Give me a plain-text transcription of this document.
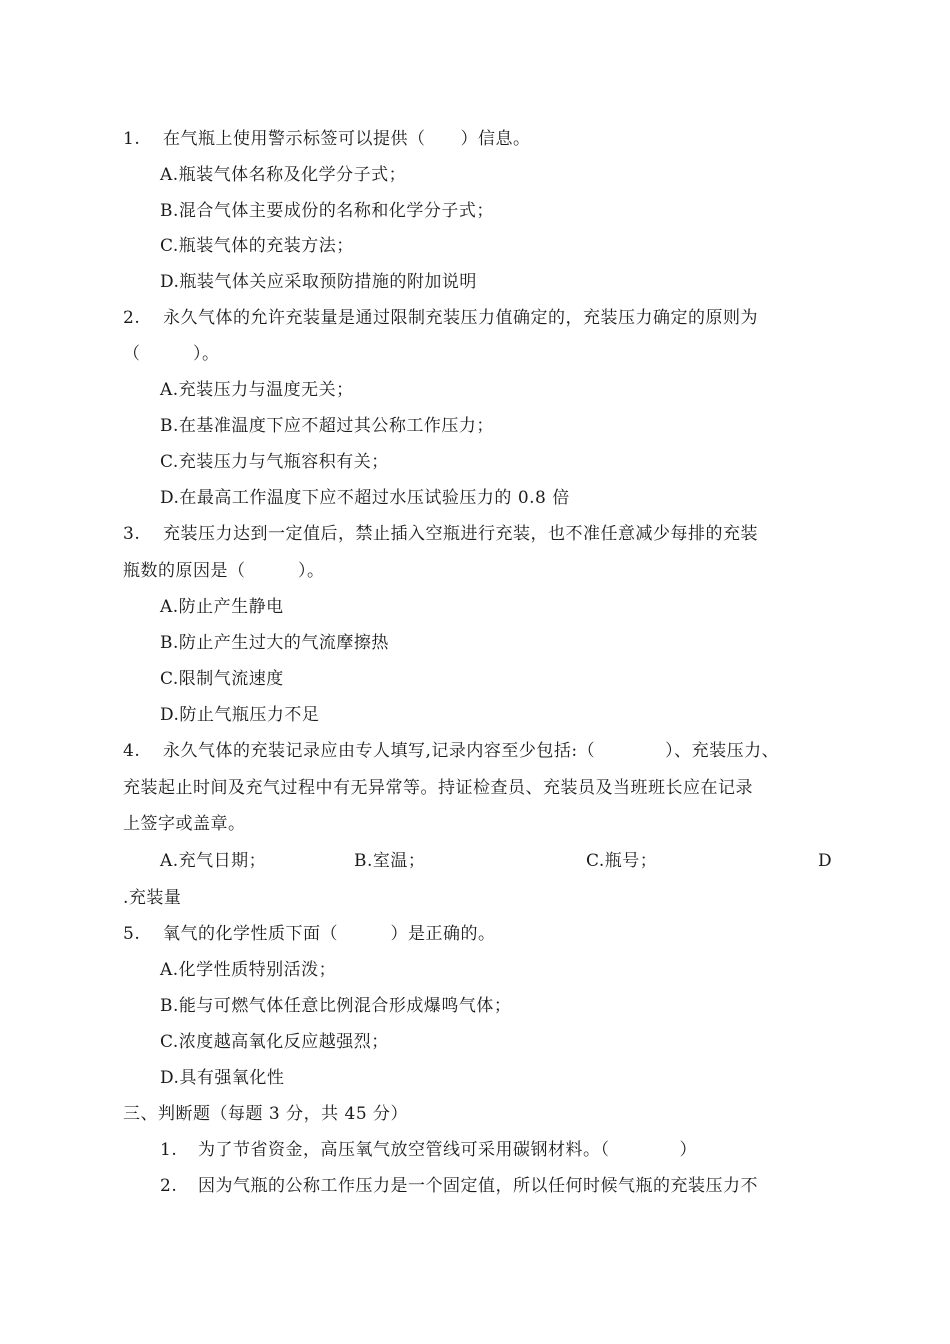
1. 在气瓶上使用警示标签可以提供（　　）信息。
A.瓶装气体名称及化学分子式；
B.混合气体主要成份的名称和化学分子式；
C.瓶装气体的充装方法；
D.瓶装气体关应采取预防措施的附加说明
2. 永久气体的允许充装量是通过限制充装压力值确定的，充装压力确定的原则为
（　　　）。
A.充装压力与温度无关；
B.在基准温度下应不超过其公称工作压力；
C.充装压力与气瓶容积有关；
D.在最高工作温度下应不超过水压试验压力的 0.8 倍
3. 充装压力达到一定值后，禁止插入空瓶进行充装，也不准任意减少每排的充装
瓶数的原因是（　　　）。
A.防止产生静电
B.防止产生过大的气流摩擦热
C.限制气流速度
D.防止气瓶压力不足
4. 永久气体的充装记录应由专人填写,记录内容至少包括:（　　　　）、充装压力、
充装起止时间及充气过程中有无异常等。持证检查员、充装员及当班班长应在记录
上签字或盖章。
A.充气日期；	B.室温；	C.瓶号；	D
.充装量
5. 氧气的化学性质下面（　　　）是正确的。
A.化学性质特别活泼；
B.能与可燃气体任意比例混合形成爆鸣气体；
C.浓度越高氧化反应越强烈；
D.具有强氧化性
三、判断题（每题 3 分，共 45 分）
1. 为了节省资金，高压氧气放空管线可采用碳钢材料。（　　　　）
2. 因为气瓶的公称工作压力是一个固定值，所以任何时候气瓶的充装压力不
